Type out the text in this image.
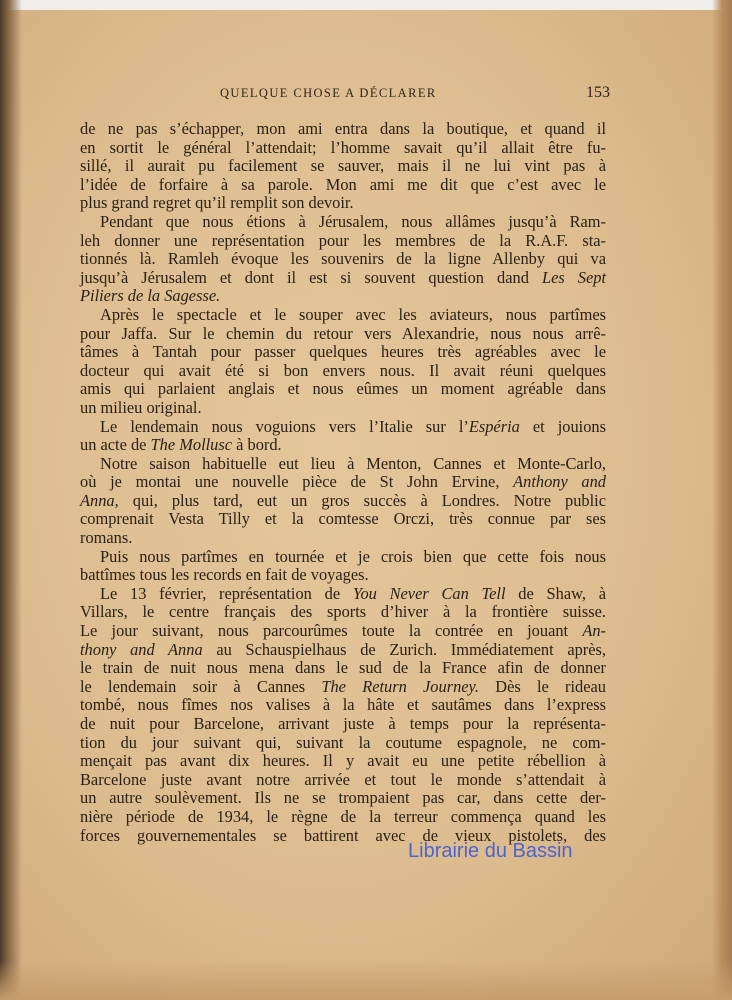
QUELQUE CHOSE A DÉCLARER	153
de ne pas s’échapper, mon ami entra dans la boutique, et quand il
en sortit le général l’attendait; l’homme savait qu’il allait être fu-
sillé, il aurait pu facilement se sauver, mais il ne lui vint pas à
l’idée de forfaire à sa parole. Mon ami me dit que c’est avec le
plus grand regret qu’il remplit son devoir.
Pendant que nous étions à Jérusalem, nous allâmes jusqu’à Ram-
leh donner une représentation pour les membres de la R.A.F. sta-
tionnés là. Ramleh évoque les souvenirs de la ligne Allenby qui va
jusqu’à Jérusalem et dont il est si souvent question dand Les Sept
Piliers de la Sagesse.
Après le spectacle et le souper avec les aviateurs, nous partîmes
pour Jaffa. Sur le chemin du retour vers Alexandrie, nous nous arrê-
tâmes à Tantah pour passer quelques heures très agréables avec le
docteur qui avait été si bon envers nous. Il avait réuni quelques
amis qui parlaient anglais et nous eûmes un moment agréable dans
un milieu original.
Le lendemain nous voguions vers l’Italie sur l’Espéria et jouions
un acte de The Mollusc à bord.
Notre saison habituelle eut lieu à Menton, Cannes et Monte-Carlo,
où je montai une nouvelle pièce de St John Ervine, Anthony and
Anna, qui, plus tard, eut un gros succès à Londres. Notre public
comprenait Vesta Tilly et la comtesse Orczi, très connue par ses
romans.
Puis nous partîmes en tournée et je crois bien que cette fois nous
battîmes tous les records en fait de voyages.
Le 13 février, représentation de You Never Can Tell de Shaw, à
Villars, le centre français des sports d’hiver à la frontière suisse.
Le jour suivant, nous parcourûmes toute la contrée en jouant An-
thony and Anna au Schauspielhaus de Zurich. Immédiatement après,
le train de nuit nous mena dans le sud de la France afin de donner
le lendemain soir à Cannes The Return Journey. Dès le rideau
tombé, nous fîmes nos valises à la hâte et sautâmes dans l’express
de nuit pour Barcelone, arrivant juste à temps pour la représenta-
tion du jour suivant qui, suivant la coutume espagnole, ne com-
mençait pas avant dix heures. Il y avait eu une petite rébellion à
Barcelone juste avant notre arrivée et tout le monde s’attendait à
un autre soulèvement. Ils ne se trompaient pas car, dans cette der-
nière période de 1934, le règne de la terreur commença quand les
forces gouvernementales se battirent avec de vieux pistolets, des
Librairie du Bassin
